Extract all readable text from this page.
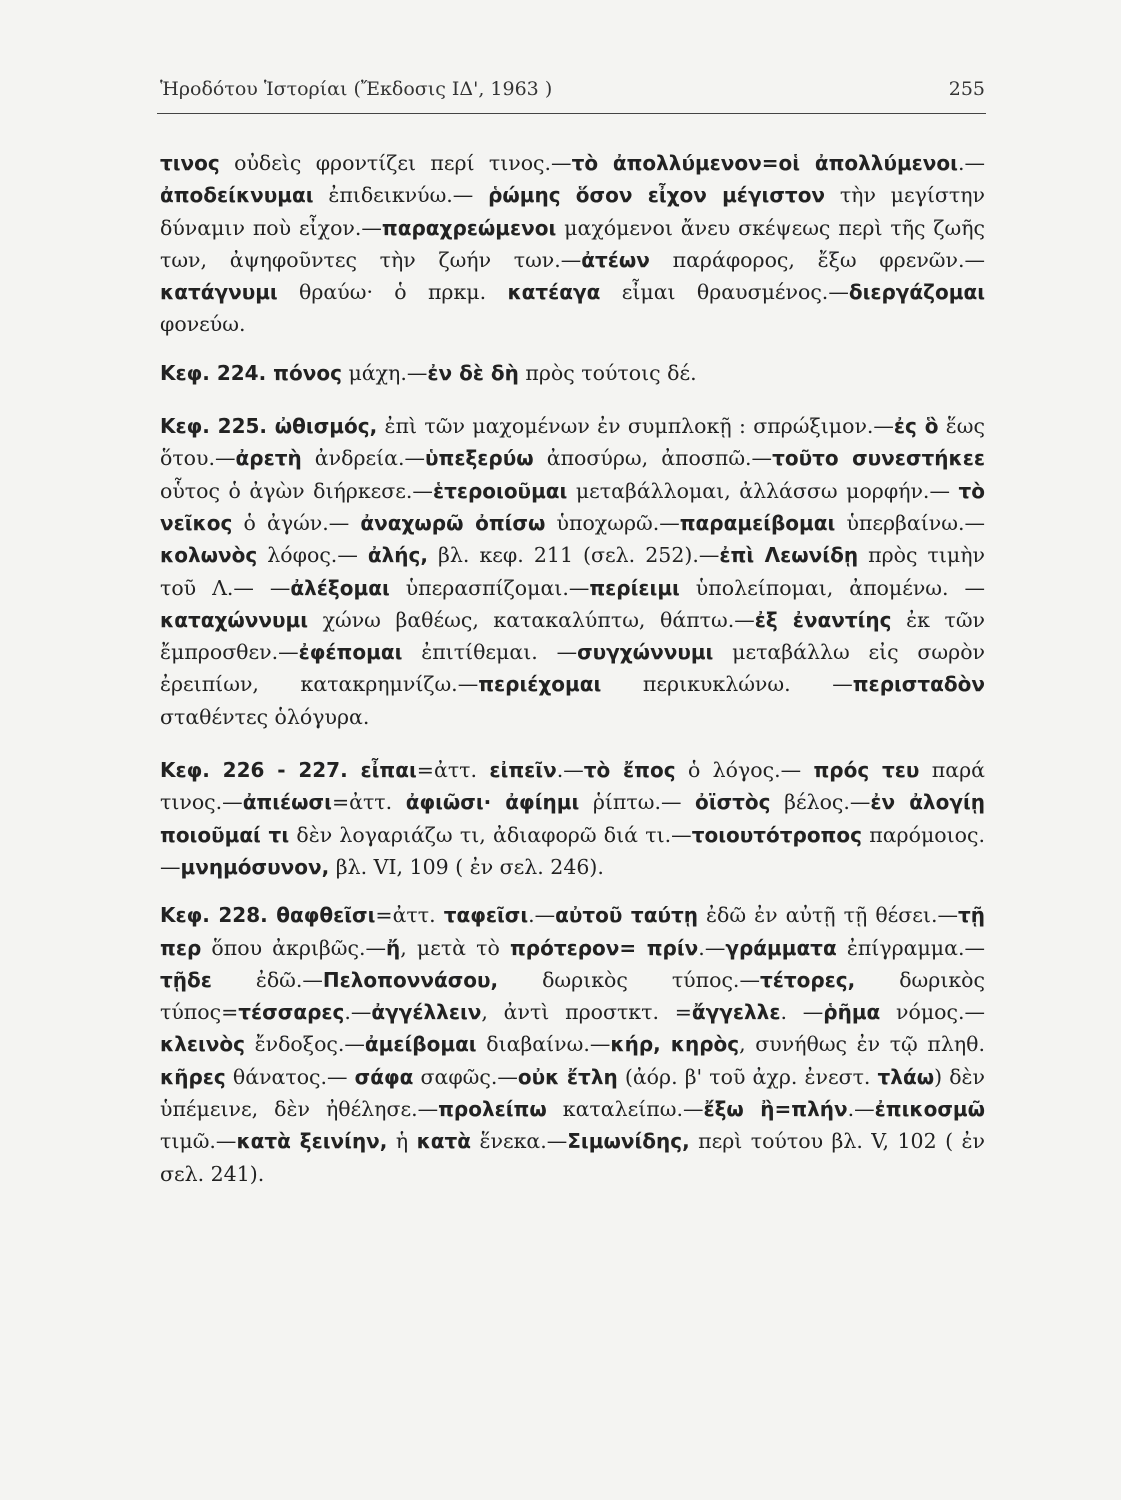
Ἡροδότου Ἱστορίαι (Ἔκδοσις ΙΔ', 1963 )	255

τινος οὐδεὶς φροντίζει περί τινος.—τὸ ἀπολλύμενον=οἱ ἀπολλύμενοι.—ἀποδείκνυμαι ἐπιδεικνύω.— ῥώμης ὅσον εἶχον μέγιστον τὴν μεγίστην δύναμιν ποὺ εἶχον.—παραχρεώμενοι μαχόμενοι ἄνευ σκέψεως περὶ τῆς ζωῆς των, ἀψηφοῦντες τὴν ζωήν των.—ἀτέων παράφορος, ἔξω φρενῶν.—κατάγνυμι θραύω· ὁ πρκμ. κατέαγα εἶμαι θραυσμένος.—διεργάζομαι φονεύω.

Κεφ. 224. πόνος μάχη.—ἐν δὲ δὴ πρὸς τούτοις δέ.

Κεφ. 225. ὠθισμός, ἐπὶ τῶν μαχομένων ἐν συμπλοκῇ : σπρώξιμον.—ἐς ὃ ἕως ὅτου.—ἀρετὴ ἀνδρεία.—ὑπεξερύω ἀποσύρω, ἀποσπῶ.—τοῦτο συνεστήκεε οὗτος ὁ ἀγὼν διήρκεσε.—ἑτεροιοῦμαι μεταβάλλομαι, ἀλλάσσω μορφήν.— τὸ νεῖκος ὁ ἀγών.— ἀναχωρῶ ὀπίσω ὑποχωρῶ.—παραμείβομαι ὑπερβαίνω.—κολωνὸς λόφος.— ἀλής, βλ. κεφ. 211 (σελ. 252).—ἐπὶ Λεωνίδῃ πρὸς τιμὴν τοῦ Λ.— —ἀλέξομαι ὑπερασπίζομαι.—περίειμι ὑπολείπομαι, ἀπομένω. —καταχώννυμι χώνω βαθέως, κατακαλύπτω, θάπτω.—ἐξ ἐναντίης ἐκ τῶν ἔμπροσθεν.—ἐφέπομαι ἐπιτίθεμαι. —συγχώννυμι μεταβάλλω εἰς σωρὸν ἐρειπίων, κατακρημνίζω.—περιέχομαι περικυκλώνω. —περισταδὸν σταθέντες ὁλόγυρα.

Κεφ. 226 - 227. εἶπαι=ἀττ. εἰπεῖν.—τὸ ἔπος ὁ λόγος.— πρός τευ παρά τινος.—ἀπιέωσι=ἀττ. ἀφιῶσι· ἀφίημι ῥίπτω.— ὀϊστὸς βέλος.—ἐν ἀλογίῃ ποιοῦμαί τι δὲν λογαριάζω τι, ἀδιαφορῶ διά τι.—τοιουτότροπος παρόμοιος.—μνημόσυνον, βλ. VI, 109 ( ἐν σελ. 246).

Κεφ. 228. θαφθεῖσι=ἀττ. ταφεῖσι.—αὐτοῦ ταύτῃ ἐδῶ ἐν αὐτῇ τῇ θέσει.—τῇ περ ὅπου ἀκριβῶς.—ἤ, μετὰ τὸ πρότερον= πρίν.—γράμματα ἐπίγραμμα.—τῇδε ἐδῶ.—Πελοποννάσου, δωρικὸς τύπος.—τέτορες, δωρικὸς τύπος=τέσσαρες.—ἀγγέλλειν, ἀντὶ προστκτ. =ἄγγελλε. —ῥῆμα νόμος.—κλεινὸς ἔνδοξος.—ἀμείβομαι διαβαίνω.—κήρ, κηρὸς, συνήθως ἐν τῷ πληθ. κῆρες θάνατος.— σάφα σαφῶς.—οὐκ ἔτλη (ἀόρ. β' τοῦ ἀχρ. ἐνεστ. τλάω) δὲν ὑπέμεινε, δὲν ἠθέλησε.—προλείπω καταλείπω.—ἔξω ἢ=πλήν.—ἐπικοσμῶ τιμῶ.—κατὰ ξεινίην, ἡ κατὰ ἕνεκα.—Σιμωνίδης, περὶ τούτου βλ. V, 102 ( ἐν σελ. 241).
